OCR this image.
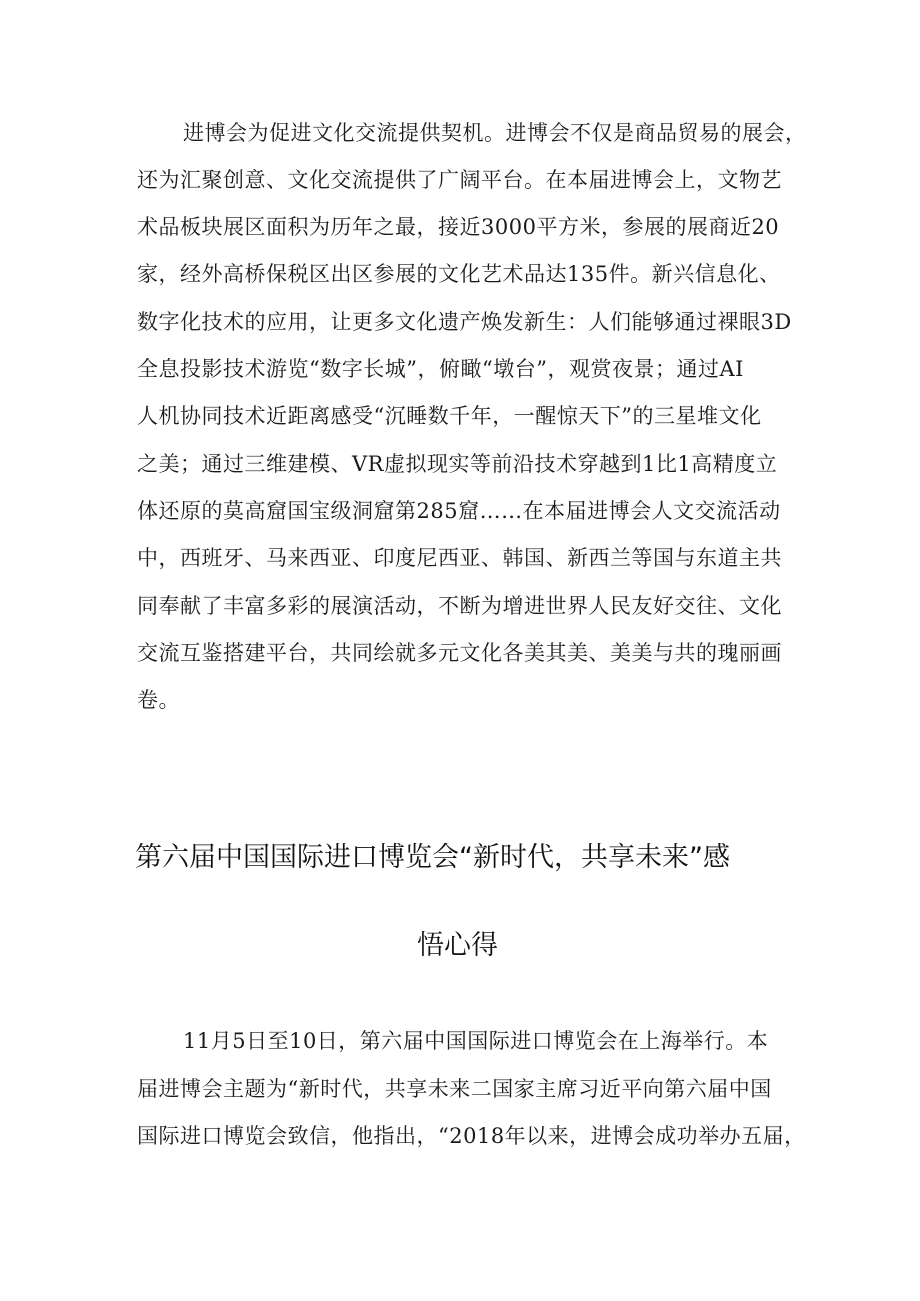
进博会为促进文化交流提供契机。进博会不仅是商品贸易的展会，
还为汇聚创意、文化交流提供了广阔平台。在本届进博会上，文物艺
术品板块展区面积为历年之最，接近3000平方米，参展的展商近20
家，经外高桥保税区出区参展的文化艺术品达135件。新兴信息化、
数字化技术的应用，让更多文化遗产焕发新生：人们能够通过裸眼3D
全息投影技术游览“数字长城”，俯瞰“墩台”，观赏夜景；通过AI
人机协同技术近距离感受“沉睡数千年，一醒惊天下”的三星堆文化
之美；通过三维建模、VR虚拟现实等前沿技术穿越到1比1高精度立
体还原的莫高窟国宝级洞窟第285窟……在本届进博会人文交流活动
中，西班牙、马来西亚、印度尼西亚、韩国、新西兰等国与东道主共
同奉献了丰富多彩的展演活动，不断为增进世界人民友好交往、文化
交流互鉴搭建平台，共同绘就多元文化各美其美、美美与共的瑰丽画
卷。
第六届中国国际进口博览会“新时代，共享未来”感
悟心得
11月5日至10日，第六届中国国际进口博览会在上海举行。本
届进博会主题为“新时代，共享未来二国家主席习近平向第六届中国
国际进口博览会致信，他指出，“2018年以来，进博会成功举办五届，
